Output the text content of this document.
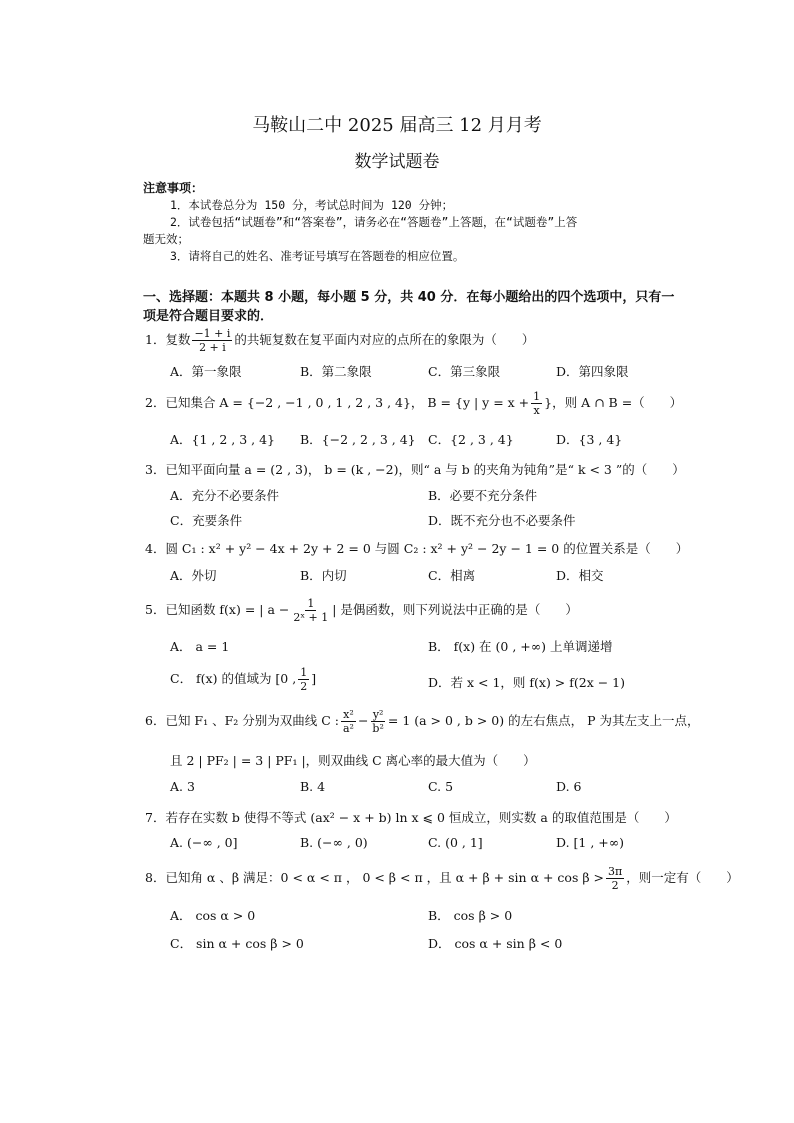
马鞍山二中 2025 届高三 12 月月考
数学试题卷
注意事项：
1．本试卷总分为 150 分，考试总时间为 120 分钟；
2．试卷包括“试题卷”和“答案卷”，请务必在“答题卷”上答题，在“试题卷”上答
题无效；
3．请将自己的姓名、准考证号填写在答题卷的相应位置。
一、选择题：本题共 8 小题，每小题 5 分，共 40 分．在每小题给出的四个选项中，只有一
项是符合题目要求的．
1．复数 $\frac{-1 + i}{2 + i}$ 的共轭复数在复平面内对应的点所在的象限为（　　）
A．第一象限	B．第二象限	C．第三象限	D．第四象限
2．已知集合 A = {−2 , −1 , 0 , 1 , 2 , 3 , 4}， B = {y | $y = x + \frac{1}{x}$ }，则 A ∩ B =（　　）
A．{1 , 2 , 3 , 4} B．{−2 , 2 , 3 , 4} C．{2 , 3 , 4}	D．{3 , 4}
3．已知平面向量 a = (2 , 3)， b = (k , −2)，则“ a 与 b 的夹角为钝角”是“ k < 3 ”的（　　）
A．充分不必要条件	B．必要不充分条件
C．充要条件	D．既不充分也不必要条件
4．圆 C₁ : x² + y² − 4x + 2y + 2 = 0 与圆 C₂ : x² + y² − 2y − 1 = 0 的位置关系是（　　）
A．外切	B．内切	C．相离	D．相交
5．已知函数 f(x) = | $a - \frac{1}{\text{2ˣ + 1}}$ | 是偶函数，则下列说法中正确的是（　　）
A． a = 1	B． f(x) 在 (0 , +∞) 上单调递增
C． f(x) 的值域为 [0 , $\frac{1}{2}$ ]	D．若 x < 1，则 f(x) > f(2x − 1)
6．已知 F₁ 、F₂ 分别为双曲线 C : $\frac{\text{x²}}{\text{a²}} - \frac{\text{y²}}{\text{b²}} = 1$ (a > 0 , b > 0) 的左右焦点， P 为其左支上一点，
且 2 | PF₂ | = 3 | PF₁ |，则双曲线 C 离心率的最大值为（　　）
A. 3	B. 4	C. 5	D. 6
7．若存在实数 b 使得不等式 (ax² − x + b) ln x ⩽ 0 恒成立，则实数 a 的取值范围是（　　）
A. (−∞ , 0]	B. (−∞ , 0)	C. (0 , 1]	D. [1 , +∞)
8．已知角 α 、β 满足：0 < α < π ， 0 < β < π ，且 $\alpha + \beta + \sin \alpha + \cos \beta > \frac{3\pi}{2}$ ，则一定有（　　）
A． cos α > 0	B． cos β > 0
C． sin α + cos β > 0	D． cos α + sin β < 0
